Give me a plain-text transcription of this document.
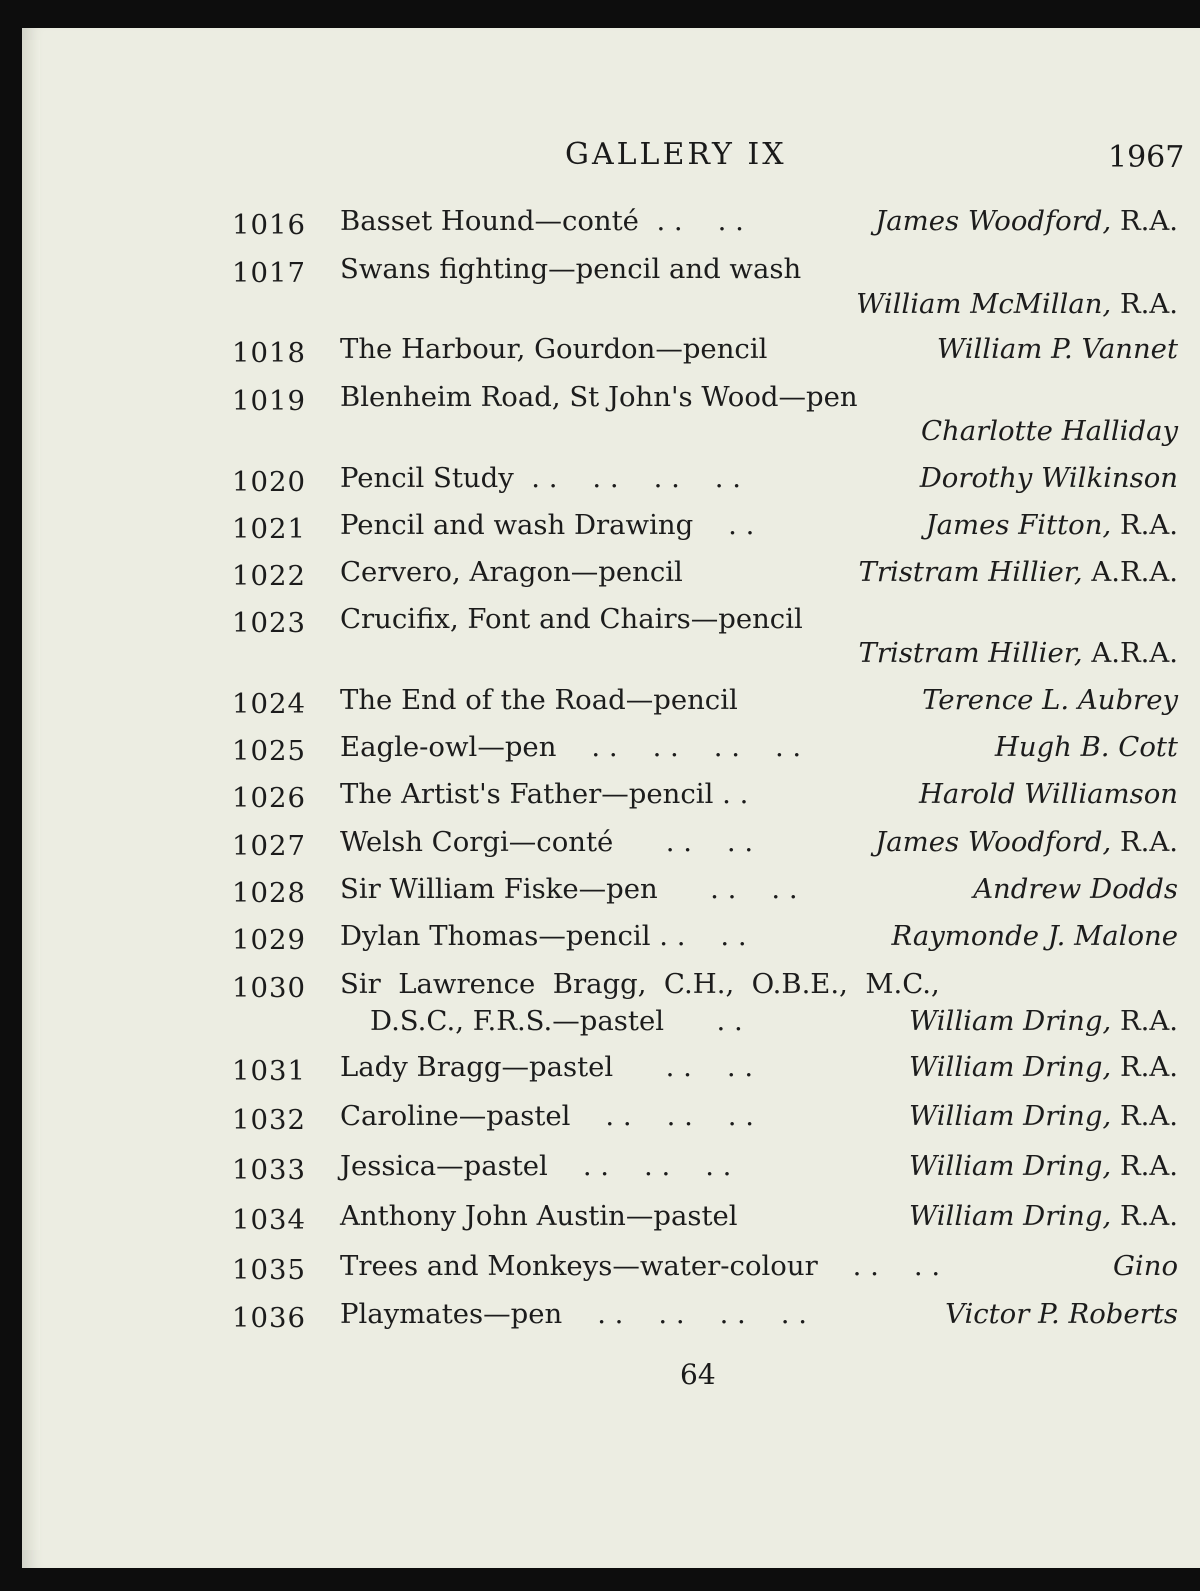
GALLERY IX	1967
1016 Basset Hound—conté  . .    . .	James Woodford, R.A.
1017 Swans fighting—pencil and wash
William McMillan, R.A.
1018 The Harbour, Gourdon—pencil	William P. Vannet
1019 Blenheim Road, St John's Wood—pen
Charlotte Halliday
1020 Pencil Study  . .    . .    . .    . .	Dorothy Wilkinson
1021 Pencil and wash Drawing    . .	James Fitton, R.A.
1022 Cervero, Aragon—pencil	Tristram Hillier, A.R.A.
1023 Crucifix, Font and Chairs—pencil
Tristram Hillier, A.R.A.
1024 The End of the Road—pencil	Terence L. Aubrey
1025 Eagle-owl—pen    . .    . .    . .    . .	Hugh B. Cott
1026 The Artist's Father—pencil . .	Harold Williamson
1027 Welsh Corgi—conté      . .    . .	James Woodford, R.A.
1028 Sir William Fiske—pen      . .    . .	Andrew Dodds
1029 Dylan Thomas—pencil . .    . .	Raymonde J. Malone
1030 Sir  Lawrence  Bragg,  C.H.,  O.B.E.,  M.C.,
D.S.C., F.R.S.—pastel      . .	William Dring, R.A.
1031 Lady Bragg—pastel      . .    . .	William Dring, R.A.
1032 Caroline—pastel    . .    . .    . .	William Dring, R.A.
1033 Jessica—pastel    . .    . .    . .	William Dring, R.A.
1034 Anthony John Austin—pastel	William Dring, R.A.
1035 Trees and Monkeys—water-colour    . .    . .	Gino
1036 Playmates—pen    . .    . .    . .    . .	Victor P. Roberts
64
